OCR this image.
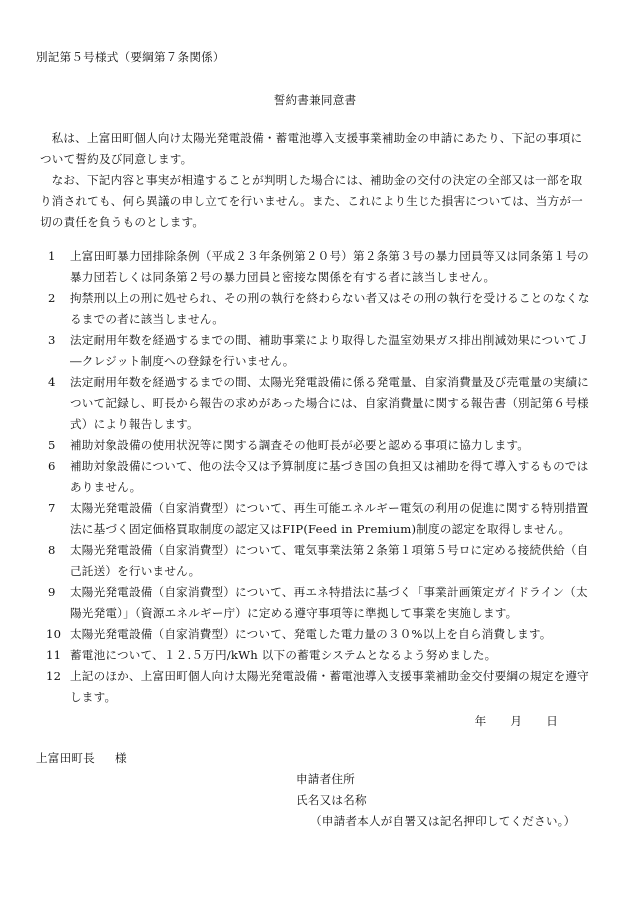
別記第５号様式（要綱第７条関係）
誓約書兼同意書

私は、上富田町個人向け太陽光発電設備・蓄電池導入支援事業補助金の申請にあたり、下記の事項について誓約及び同意します。

なお、下記内容と事実が相違することが判明した場合には、補助金の交付の決定の全部又は一部を取り消されても、何ら異議の申し立てを行いません。また、これにより生じた損害については、当方が一切の責任を負うものとします。

1	上富田町暴力団排除条例（平成２３年条例第２０号）第２条第３号の暴力団員等又は同条第１号の暴力団若しくは同条第２号の暴力団員と密接な関係を有する者に該当しません。
2	拘禁刑以上の刑に処せられ、その刑の執行を終わらない者又はその刑の執行を受けることのなくなるまでの者に該当しません。
3	法定耐用年数を経過するまでの間、補助事業により取得した温室効果ガス排出削減効果についてＪ―クレジット制度への登録を行いません。
4	法定耐用年数を経過するまでの間、太陽光発電設備に係る発電量、自家消費量及び売電量の実績について記録し、町長から報告の求めがあった場合には、自家消費量に関する報告書（別記第６号様式）により報告します。
5	補助対象設備の使用状況等に関する調査その他町長が必要と認める事項に協力します。
6	補助対象設備について、他の法令又は予算制度に基づき国の負担又は補助を得て導入するものではありません。
7	太陽光発電設備（自家消費型）について、再生可能エネルギー電気の利用の促進に関する特別措置法に基づく固定価格買取制度の認定又はFIP(Feed in Premium)制度の認定を取得しません。
8	太陽光発電設備（自家消費型）について、電気事業法第２条第１項第５号ロに定める接続供給（自己託送）を行いません。
9	太陽光発電設備（自家消費型）について、再エネ特措法に基づく「事業計画策定ガイドライン（太陽光発電）」（資源エネルギー庁）に定める遵守事項等に準拠して事業を実施します。
10 太陽光発電設備（自家消費型）について、発電した電力量の３０%以上を自ら消費します。
11 蓄電池について、１２.５万円/kWh 以下の蓄電システムとなるよう努めました。
12 上記のほか、上富田町個人向け太陽光発電設備・蓄電池導入支援事業補助金交付要綱の規定を遵守します。
年 月 日
上富田町長 様
申請者住所
氏名又は名称
（申請者本人が自署又は記名押印してください。）
